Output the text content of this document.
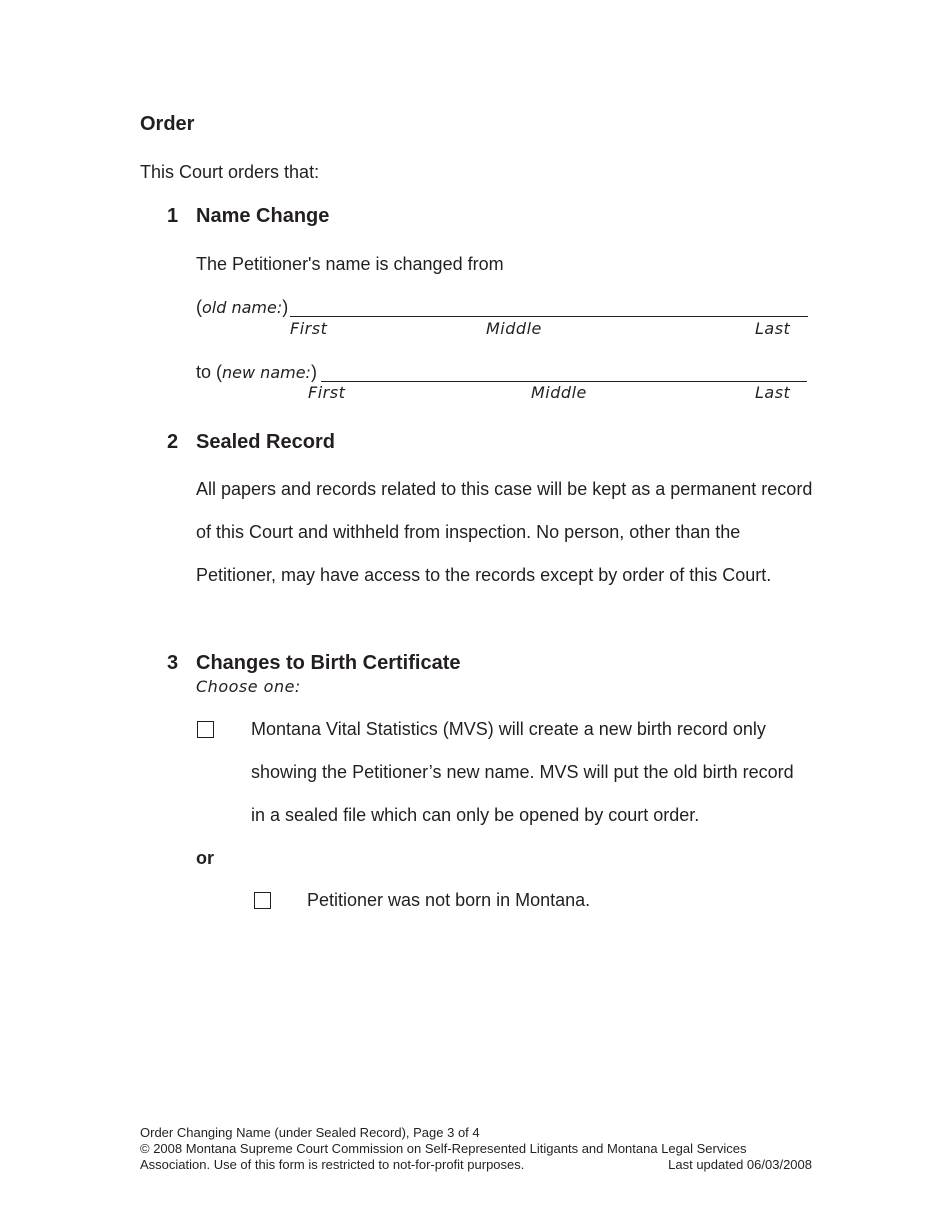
Order
This Court orders that:
1 Name Change
The Petitioner's name is changed from
(old name:)
First	Middle	Last
to (new name:)
First	Middle	Last
2 Sealed Record
All papers and records related to this case will be kept as a permanent record of this Court and withheld from inspection. No person, other than the Petitioner, may have access to the records except by order of this Court.
3 Changes to Birth Certificate
Choose one:
Montana Vital Statistics (MVS) will create a new birth record only showing the Petitioner’s new name. MVS will put the old birth record in a sealed file which can only be opened by court order.
or
Petitioner was not born in Montana.
Order Changing Name (under Sealed Record), Page 3 of 4
© 2008 Montana Supreme Court Commission on Self-Represented Litigants and Montana Legal Services
Association. Use of this form is restricted to not-for-profit purposes.	Last updated 06/03/2008
